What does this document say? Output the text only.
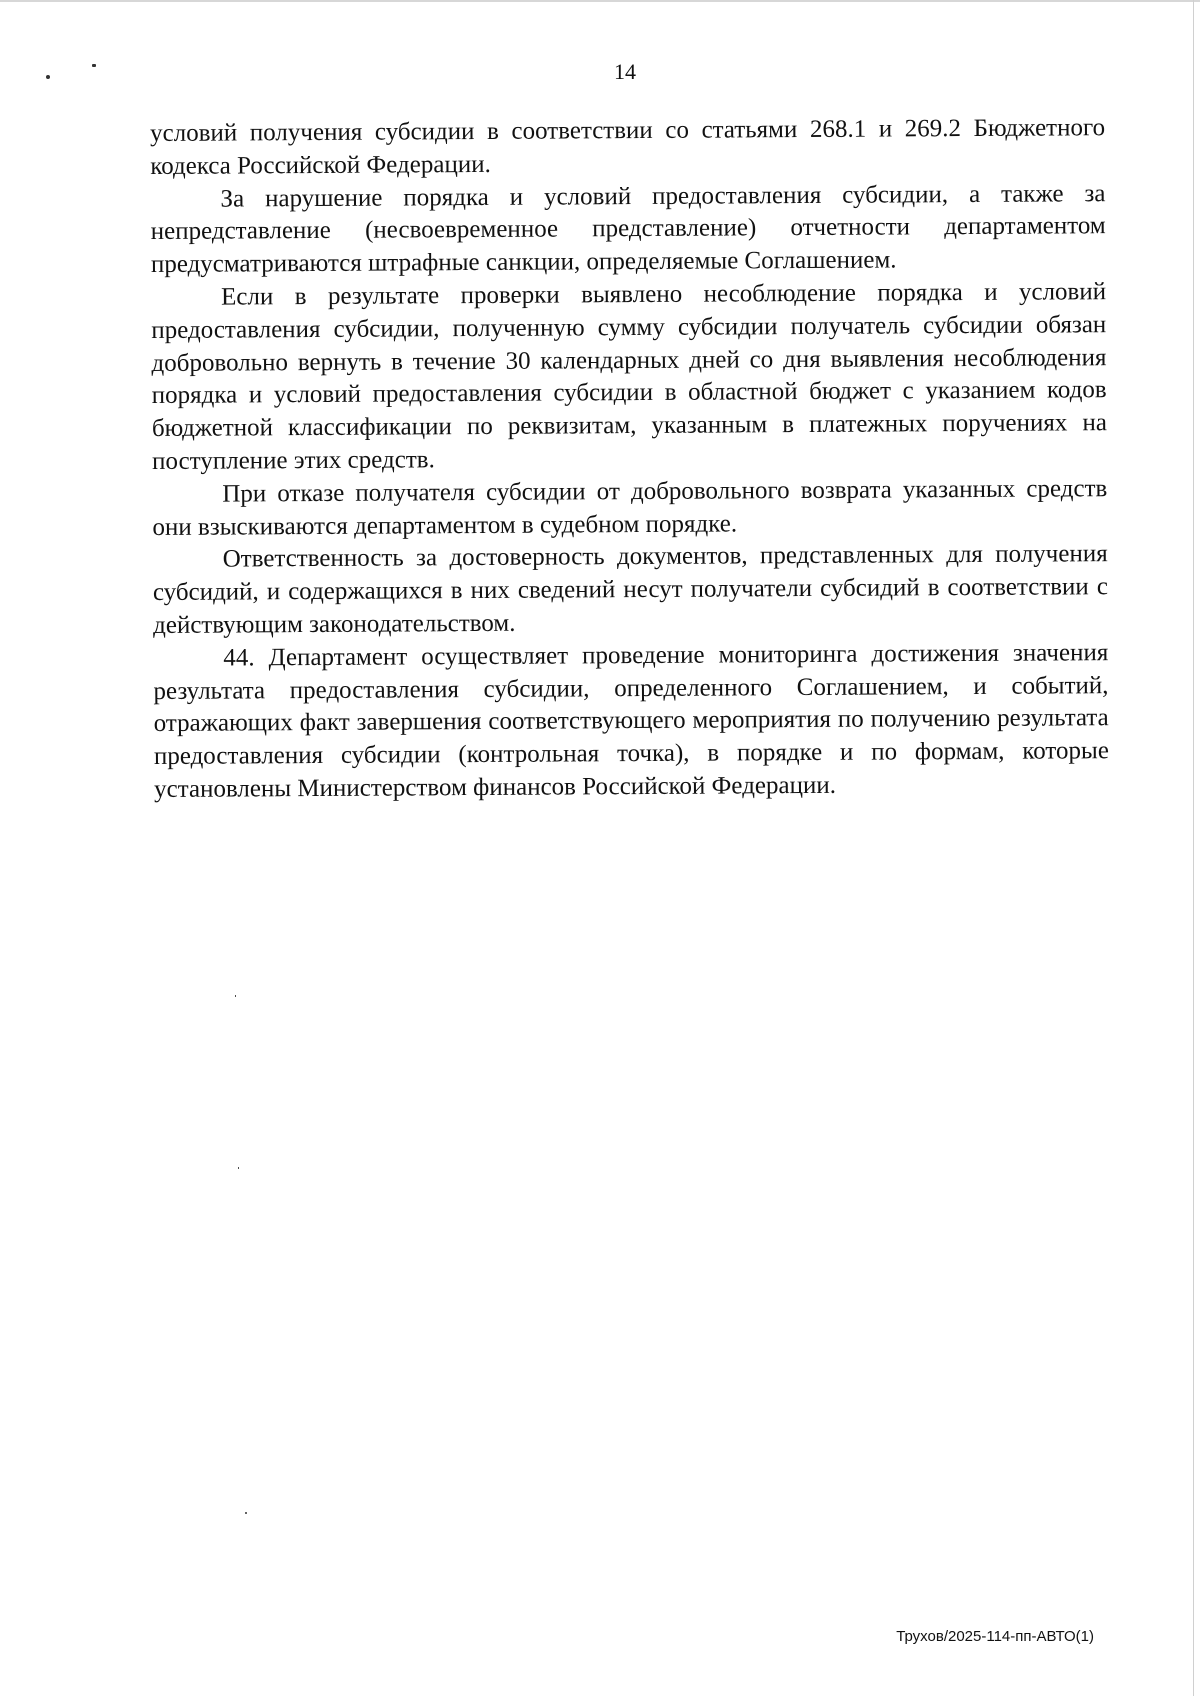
14

условий получения субсидии в соответствии со статьями 268.1 и 269.2 Бюджетного кодекса Российской Федерации.

За нарушение порядка и условий предоставления субсидии, а также за непредставление (несвоевременное представление) отчетности департаментом предусматриваются штрафные санкции, определяемые Соглашением.

Если в результате проверки выявлено несоблюдение порядка и условий предоставления субсидии, полученную сумму субсидии получатель субсидии обязан добровольно вернуть в течение 30 календарных дней со дня выявления несоблюдения порядка и условий предоставления субсидии в областной бюджет с указанием кодов бюджетной классификации по реквизитам, указанным в платежных поручениях на поступление этих средств.

При отказе получателя субсидии от добровольного возврата указанных средств они взыскиваются департаментом в судебном порядке.

Ответственность за достоверность документов, представленных для получения субсидий, и содержащихся в них сведений несут получатели субсидий в соответствии с действующим законодательством.

44. Департамент осуществляет проведение мониторинга достижения значения результата предоставления субсидии, определенного Соглашением, и событий, отражающих факт завершения соответствующего мероприятия по получению результата предоставления субсидии (контрольная точка), в порядке и по формам, которые установлены Министерством финансов Российской Федерации.

Трухов/2025-114-пп-АВТО(1)
